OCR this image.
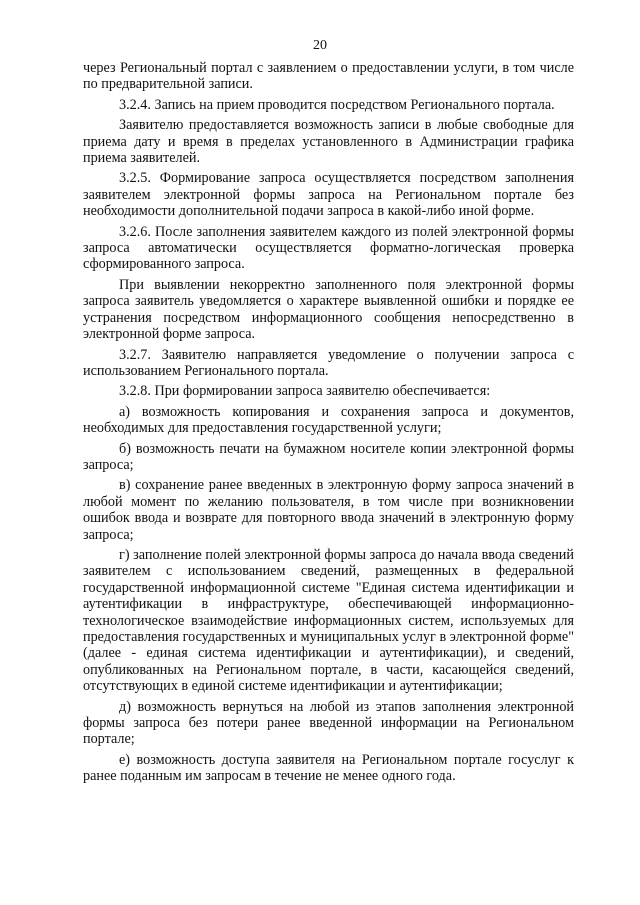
20

через Региональный портал с заявлением о предоставлении услуги, в том числе по предварительной записи.

3.2.4. Запись на прием проводится посредством Регионального портала.

Заявителю предоставляется возможность записи в любые свободные для приема дату и время в пределах установленного в Администрации графика приема заявителей.

3.2.5. Формирование запроса осуществляется посредством заполнения заявителем электронной формы запроса на Региональном портале без необходимости дополнительной подачи запроса в какой-либо иной форме.

3.2.6. После заполнения заявителем каждого из полей электронной формы запроса автоматически осуществляется форматно-логическая проверка сформированного запроса.

При выявлении некорректно заполненного поля электронной формы запроса заявитель уведомляется о характере выявленной ошибки и порядке ее устранения посредством информационного сообщения непосредственно в электронной форме запроса.

3.2.7. Заявителю направляется уведомление о получении запроса с использованием Регионального портала.

3.2.8. При формировании запроса заявителю обеспечивается:

а) возможность копирования и сохранения запроса и документов, необходимых для предоставления государственной услуги;

б) возможность печати на бумажном носителе копии электронной формы запроса;

в) сохранение ранее введенных в электронную форму запроса значений в любой момент по желанию пользователя, в том числе при возникновении ошибок ввода и возврате для повторного ввода значений в электронную форму запроса;

г) заполнение полей электронной формы запроса до начала ввода сведений заявителем с использованием сведений, размещенных в федеральной государственной информационной системе "Единая система идентификации и аутентификации в инфраструктуре, обеспечивающей информационно-технологическое взаимодействие информационных систем, используемых для предоставления государственных и муниципальных услуг в электронной форме" (далее - единая система идентификации и аутентификации), и сведений, опубликованных на Региональном портале, в части, касающейся сведений, отсутствующих в единой системе идентификации и аутентификации;

д) возможность вернуться на любой из этапов заполнения электронной формы запроса без потери ранее введенной информации на Региональном портале;

е) возможность доступа заявителя на Региональном портале госуслуг к ранее поданным им запросам в течение не менее одного года.
